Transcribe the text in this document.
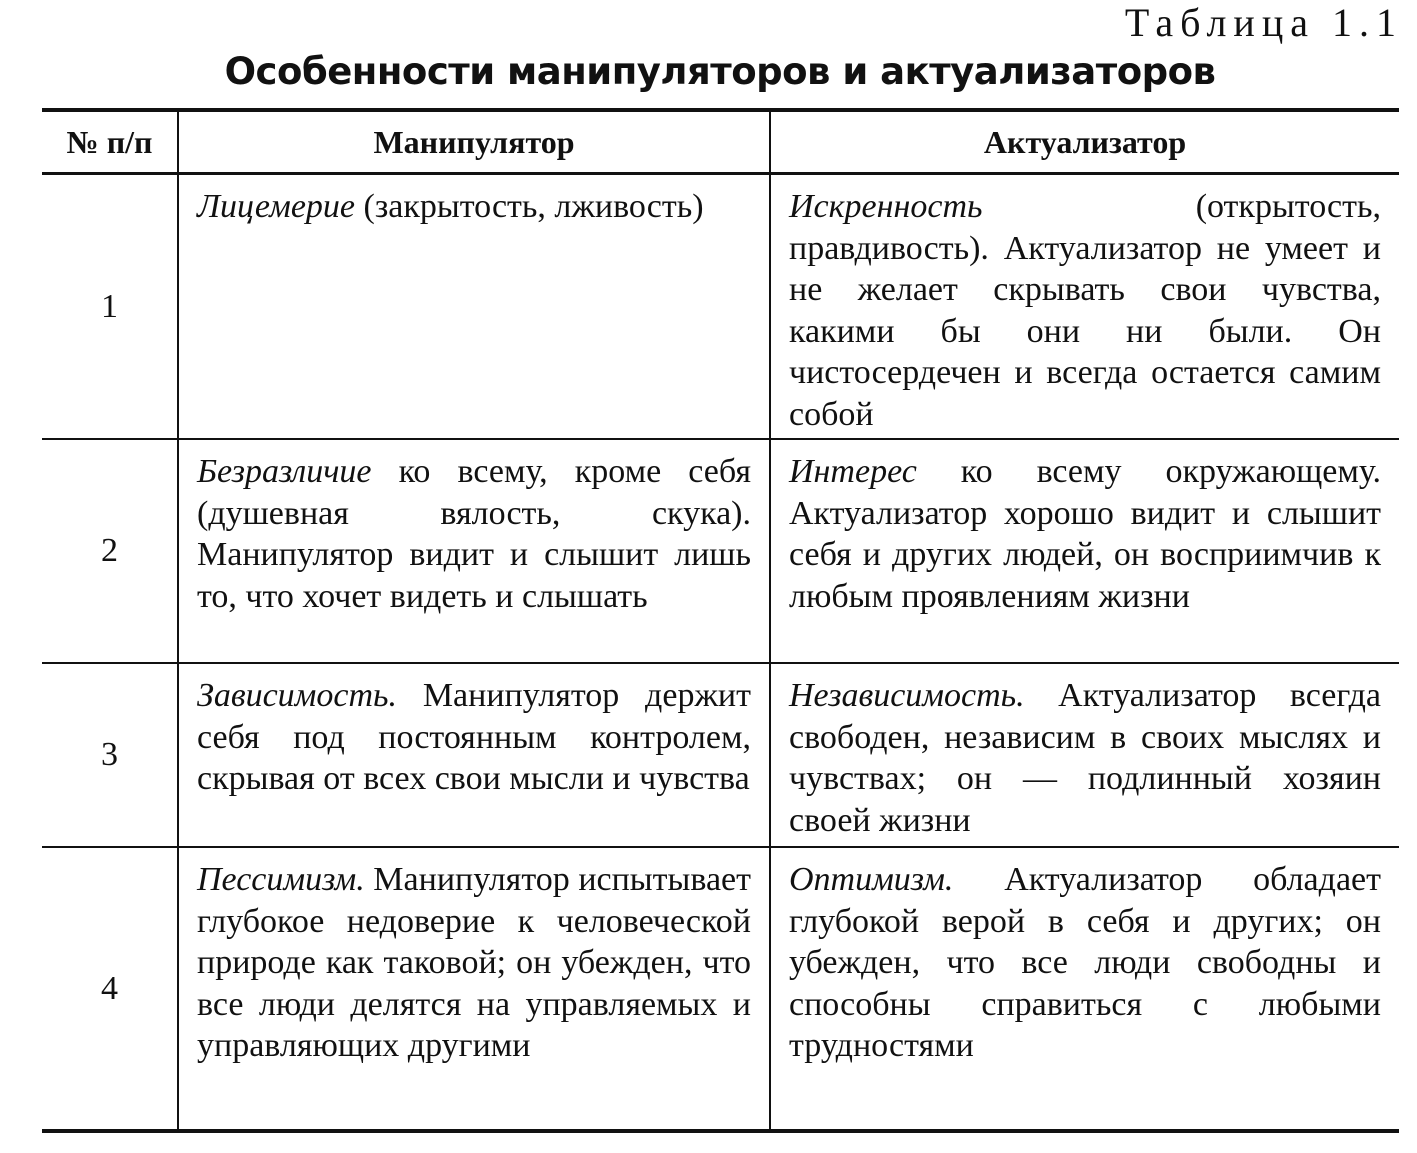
Таблица 1.1
Особенности манипуляторов и актуализаторов
№ п/п	Манипулятор	Актуализатор
1	Лицемерие (закрытость, лживость)	Искренность (открытость, правдивость). Актуализатор не умеет и не желает скрывать свои чувства, какими бы они ни были. Он чистосердечен и всегда остается самим собой
2	Безразличие ко всему, кроме себя (душевная вялость, скука). Манипулятор видит и слышит лишь то, что хочет видеть и слышать	Интерес ко всему окружающему. Актуализатор хорошо видит и слышит себя и других людей, он восприимчив к любым проявлениям жизни
3	Зависимость. Манипулятор держит себя под постоянным контролем, скрывая от всех свои мысли и чувства	Независимость. Актуализатор всегда свободен, независим в своих мыслях и чувствах; он — подлинный хозяин своей жизни
4	Пессимизм. Манипулятор испытывает глубокое недоверие к человеческой природе как таковой; он убежден, что все люди делятся на управляемых и управляющих другими	Оптимизм. Актуализатор обладает глубокой верой в себя и других; он убежден, что все люди свободны и способны справиться с любыми трудностями
